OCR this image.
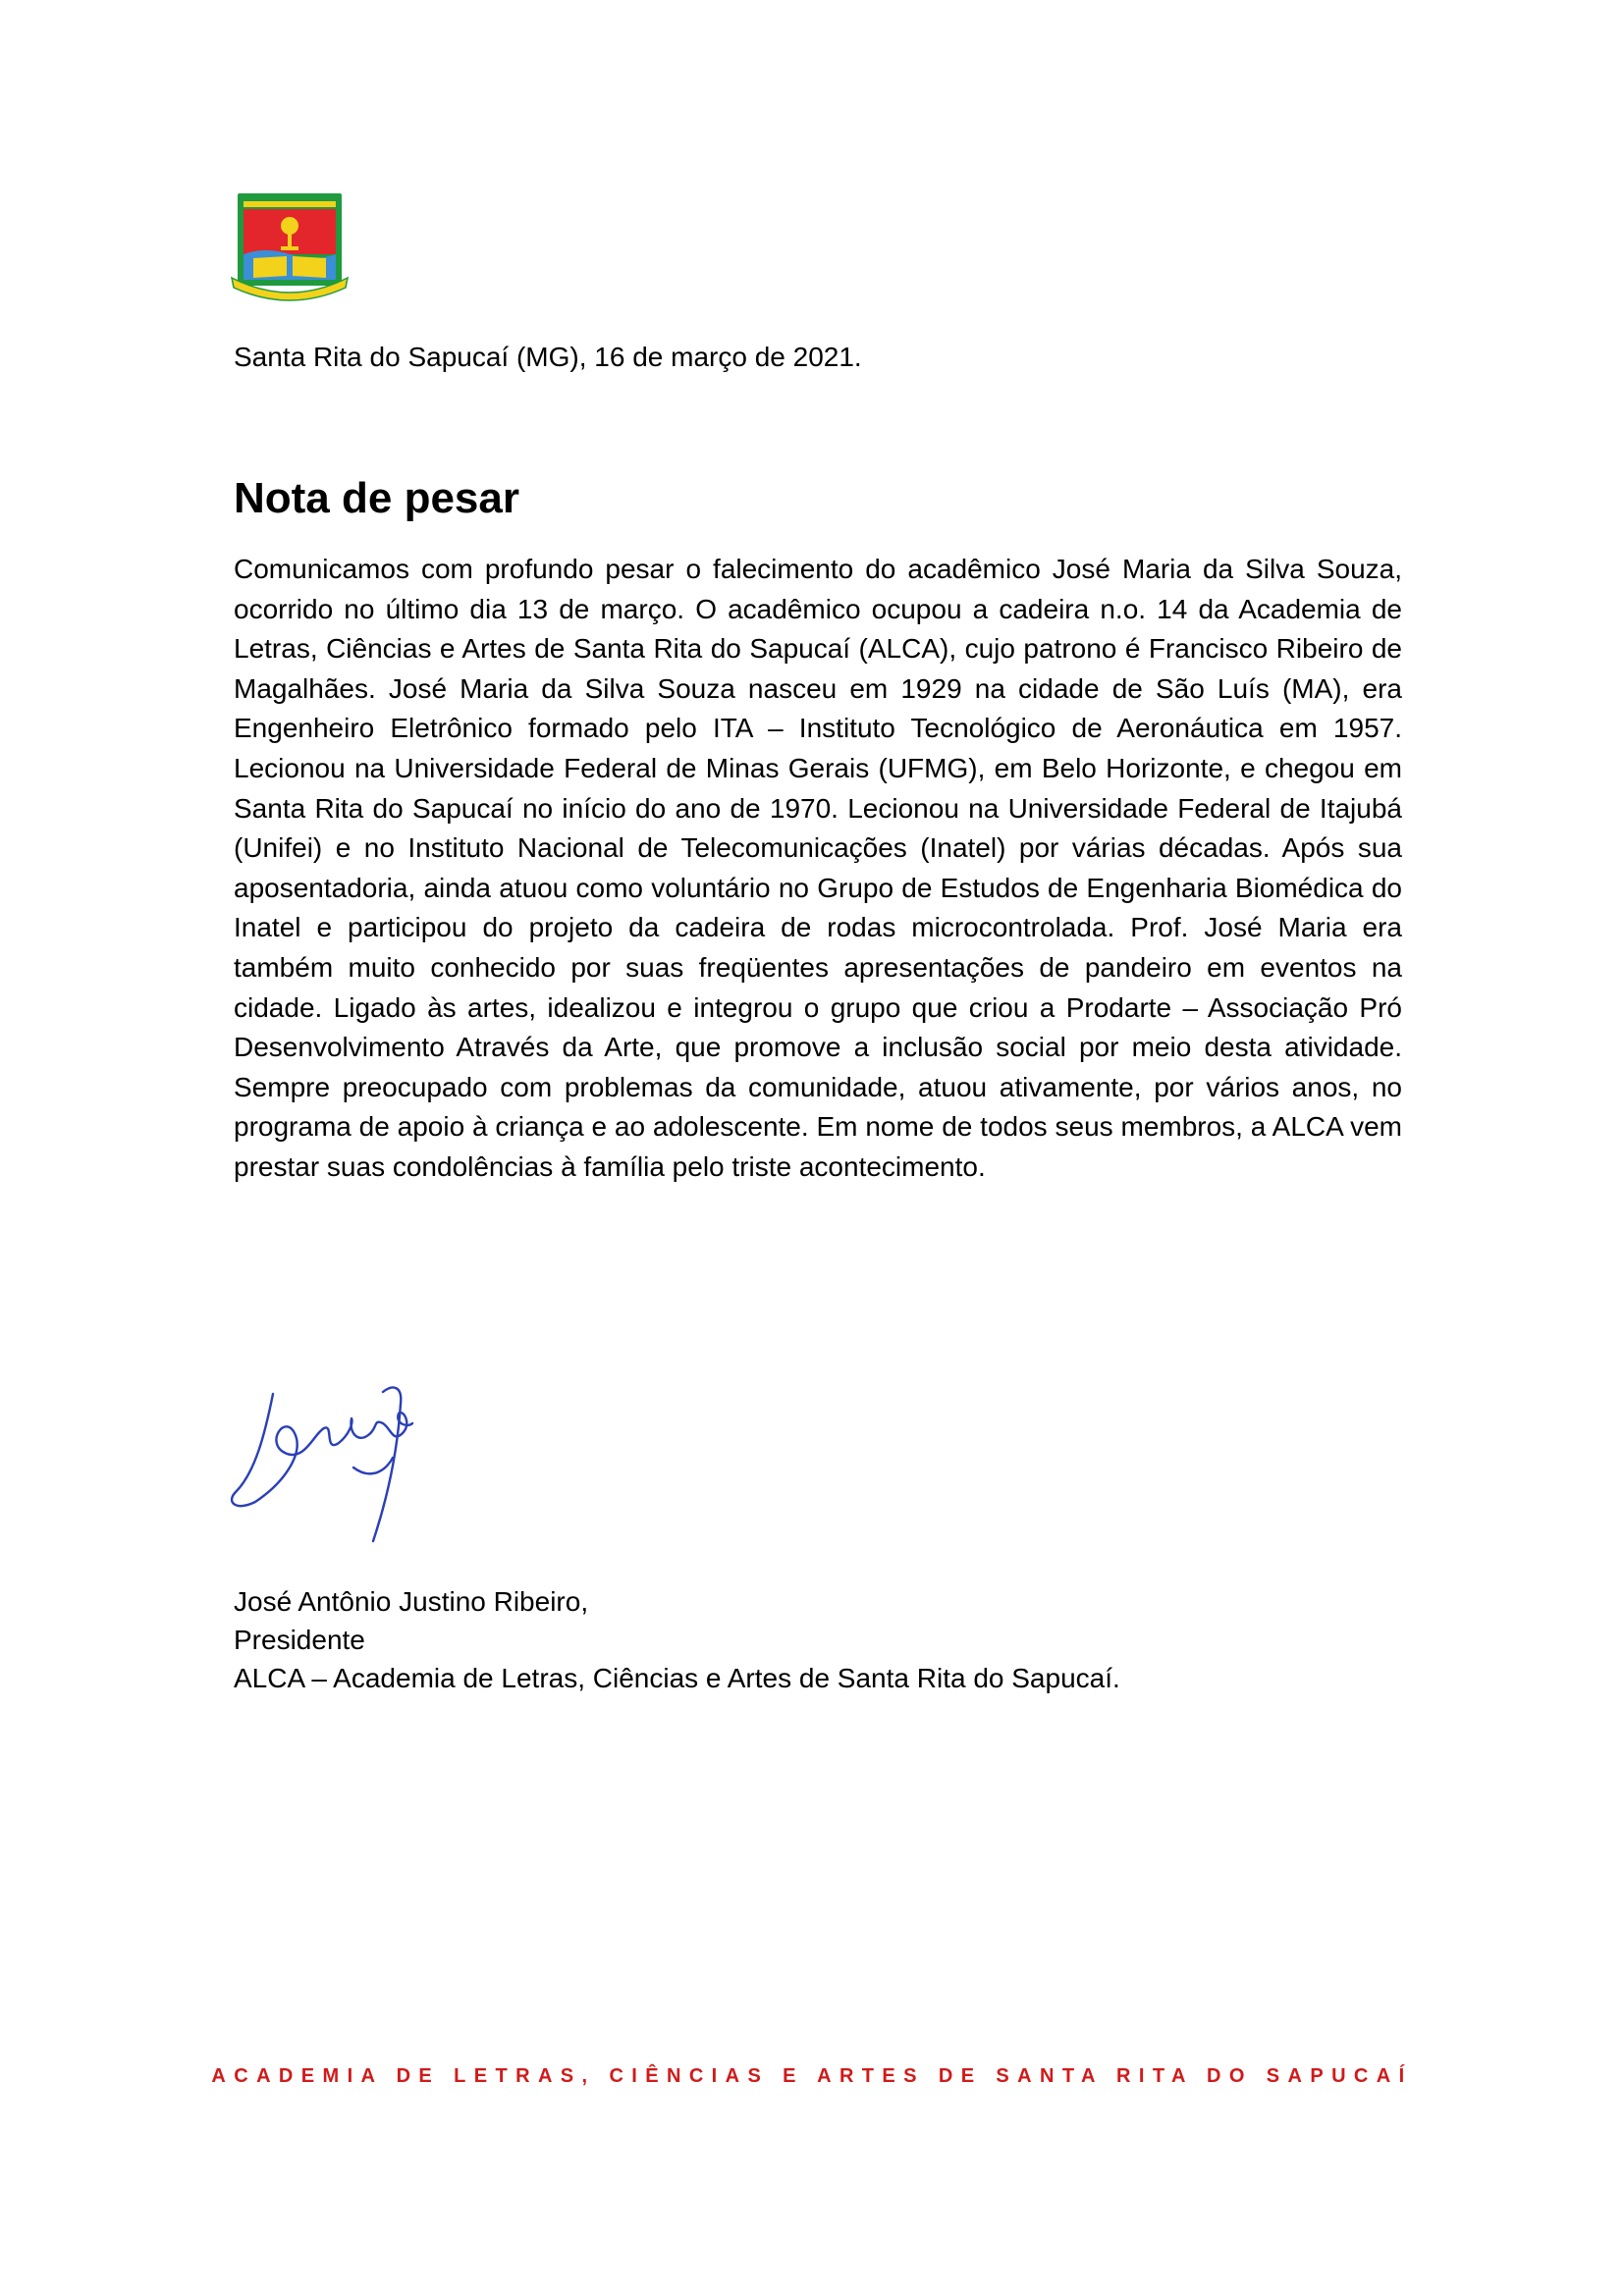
Santa Rita do Sapucaí (MG), 16 de março de 2021.
Nota de pesar

Comunicamos com profundo pesar o falecimento do acadêmico José Maria da Silva Souza, ocorrido no último dia 13 de março. O acadêmico ocupou a cadeira n.o. 14 da Academia de Letras, Ciências e Artes de Santa Rita do Sapucaí (ALCA), cujo patrono é Francisco Ribeiro de Magalhães. José Maria da Silva Souza nasceu em 1929 na cidade de São Luís (MA), era Engenheiro Eletrônico formado pelo ITA – Instituto Tecnológico de Aeronáutica em 1957. Lecionou na Universidade Federal de Minas Gerais (UFMG), em Belo Horizonte, e chegou em Santa Rita do Sapucaí no início do ano de 1970. Lecionou na Universidade Federal de Itajubá (Unifei) e no Instituto Nacional de Telecomunicações (Inatel) por várias décadas. Após sua aposentadoria, ainda atuou como voluntário no Grupo de Estudos de Engenharia Biomédica do Inatel e participou do projeto da cadeira de rodas microcontrolada. Prof. José Maria era também muito conhecido por suas freqüentes apresentações de pandeiro em eventos na cidade. Ligado às artes, idealizou e integrou o grupo que criou a Prodarte – Associação Pró Desenvolvimento Através da Arte, que promove a inclusão social por meio desta atividade. Sempre preocupado com problemas da comunidade, atuou ativamente, por vários anos, no programa de apoio à criança e ao adolescente. Em nome de todos seus membros, a ALCA vem prestar suas condolências à família pelo triste acontecimento.

José Antônio Justino Ribeiro,
Presidente
ALCA – Academia de Letras, Ciências e Artes de Santa Rita do Sapucaí.
ACADEMIA DE LETRAS, CIÊNCIAS E ARTES DE SANTA RITA DO SAPUCAÍ
